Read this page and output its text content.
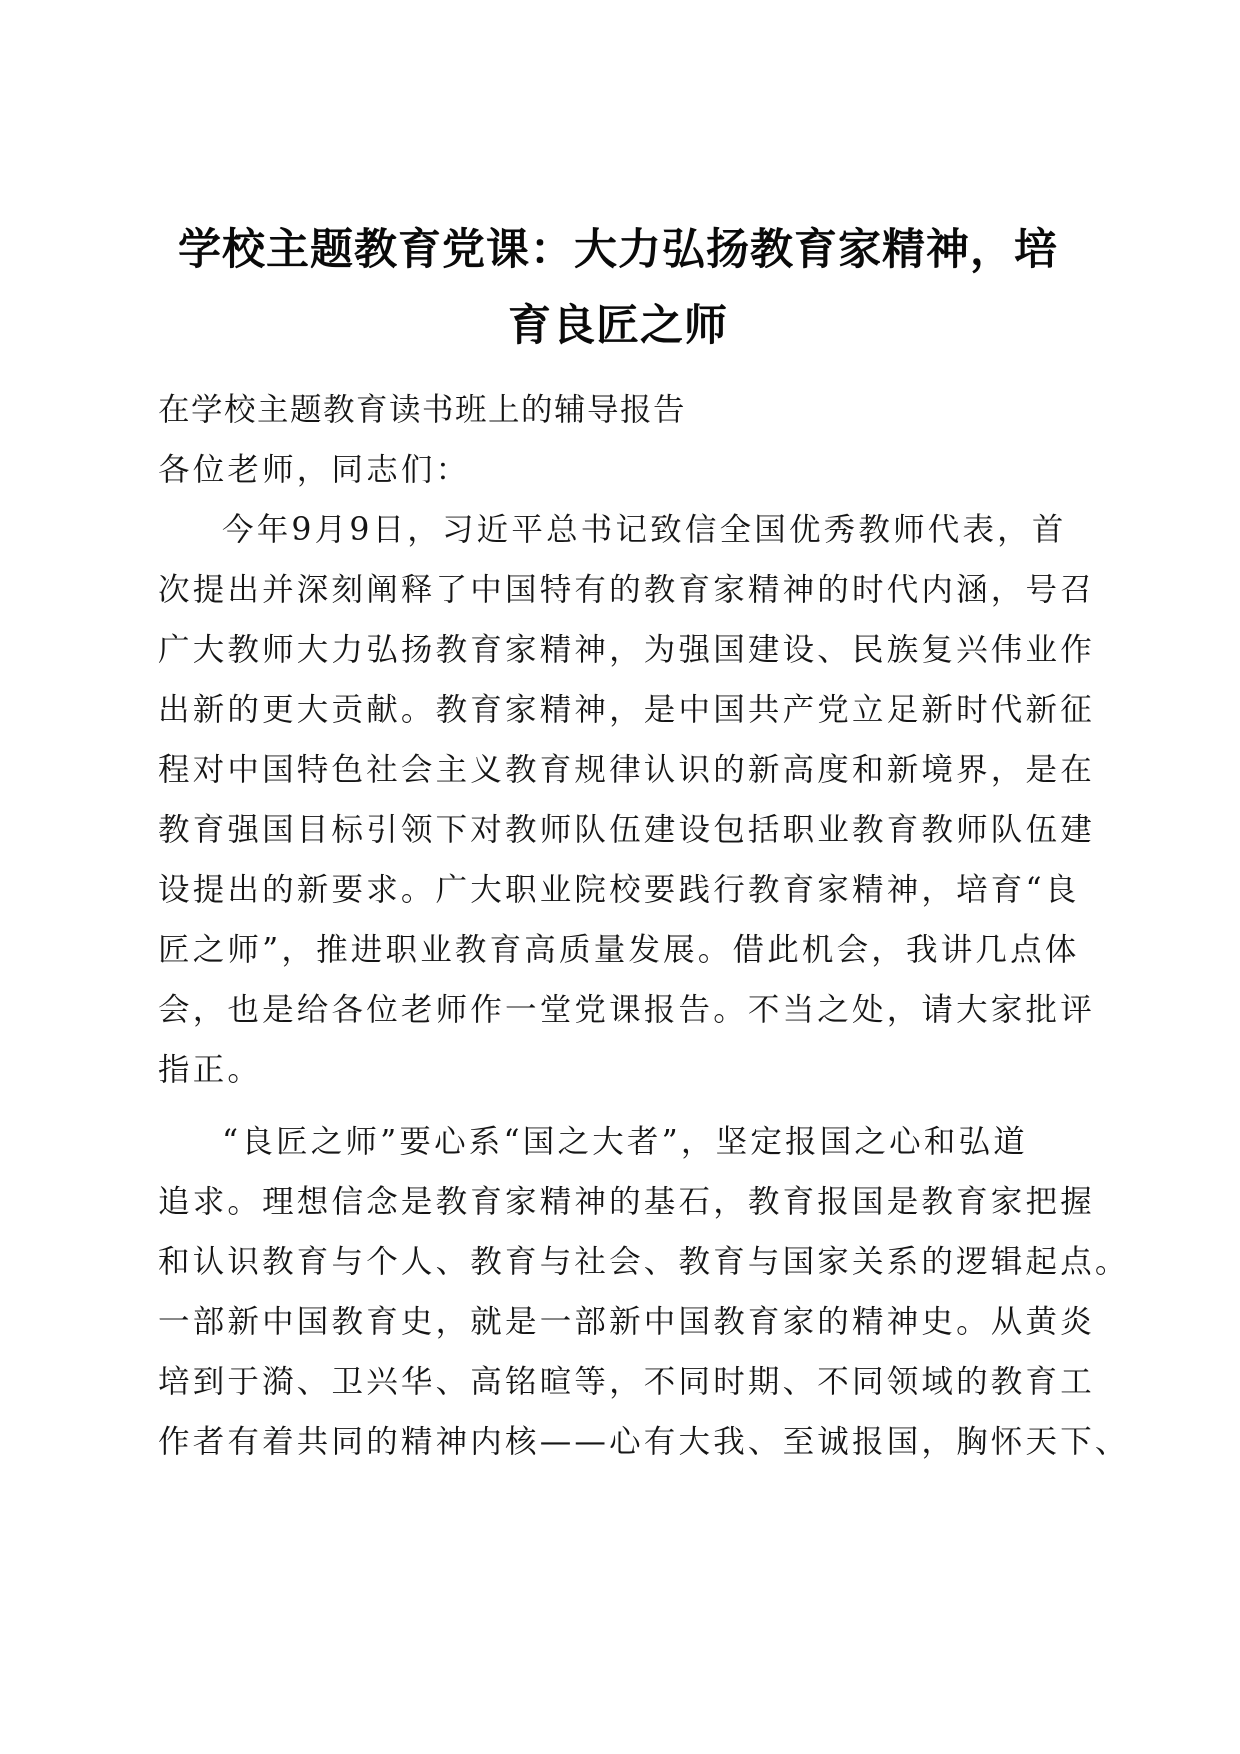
学校主题教育党课：大力弘扬教育家精神，培
育良匠之师
在学校主题教育读书班上的辅导报告
各位老师，同志们：
今年9月9日，习近平总书记致信全国优秀教师代表，首
次提出并深刻阐释了中国特有的教育家精神的时代内涵，号召
广大教师大力弘扬教育家精神，为强国建设、民族复兴伟业作
出新的更大贡献。教育家精神，是中国共产党立足新时代新征
程对中国特色社会主义教育规律认识的新高度和新境界，是在
教育强国目标引领下对教师队伍建设包括职业教育教师队伍建
设提出的新要求。广大职业院校要践行教育家精神，培育“良
匠之师”，推进职业教育高质量发展。借此机会，我讲几点体
会，也是给各位老师作一堂党课报告。不当之处，请大家批评
指正。
“良匠之师”要心系“国之大者”，坚定报国之心和弘道
追求。理想信念是教育家精神的基石，教育报国是教育家把握
和认识教育与个人、教育与社会、教育与国家关系的逻辑起点。
一部新中国教育史，就是一部新中国教育家的精神史。从黄炎
培到于漪、卫兴华、高铭暄等，不同时期、不同领域的教育工
作者有着共同的精神内核——心有大我、至诚报国，胸怀天下、
